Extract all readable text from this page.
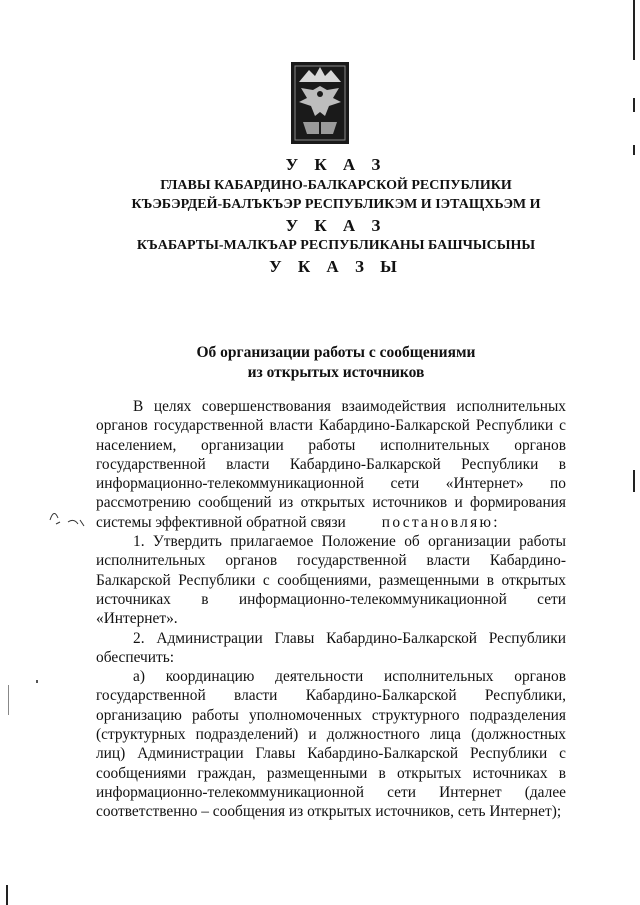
У К А З
ГЛАВЫ КАБАРДИНО-БАЛКАРСКОЙ РЕСПУБЛИКИ
КЪЭБЭРДЕЙ-БАЛЪКЪЭР РЕСПУБЛИКЭМ И IЭТАЩХЬЭМ И
У К А З
КЪАБАРТЫ-МАЛКЪАР РЕСПУБЛИКАНЫ БАШЧЫСЫНЫ
У К А З Ы
Об организации работы с сообщениями
из открытых источников

В целях совершенствования взаимодействия исполнительных органов государственной власти Кабардино-Балкарской Республики с населением, организации работы исполнительных органов государственной власти Кабардино-Балкарской Республики в информационно-телекоммуникационной сети «Интернет» по рассмотрению сообщений из открытых источников и формирования системы эффективной обратной связи постановляю:

1. Утвердить прилагаемое Положение об организации работы исполнительных органов государственной власти Кабардино-Балкарской Республики с сообщениями, размещенными в открытых источниках в информационно-телекоммуникационной сети «Интернет».

2. Администрации Главы Кабардино-Балкарской Республики обеспечить:

а) координацию деятельности исполнительных органов государственной власти Кабардино-Балкарской Республики, организацию работы уполномоченных структурного подразделения (структурных подразделений) и должностного лица (должностных лиц) Администрации Главы Кабардино-Балкарской Республики с сообщениями граждан, размещенными в открытых источниках в информационно-телекоммуникационной сети Интернет (далее соответственно – сообщения из открытых источников, сеть Интернет);
